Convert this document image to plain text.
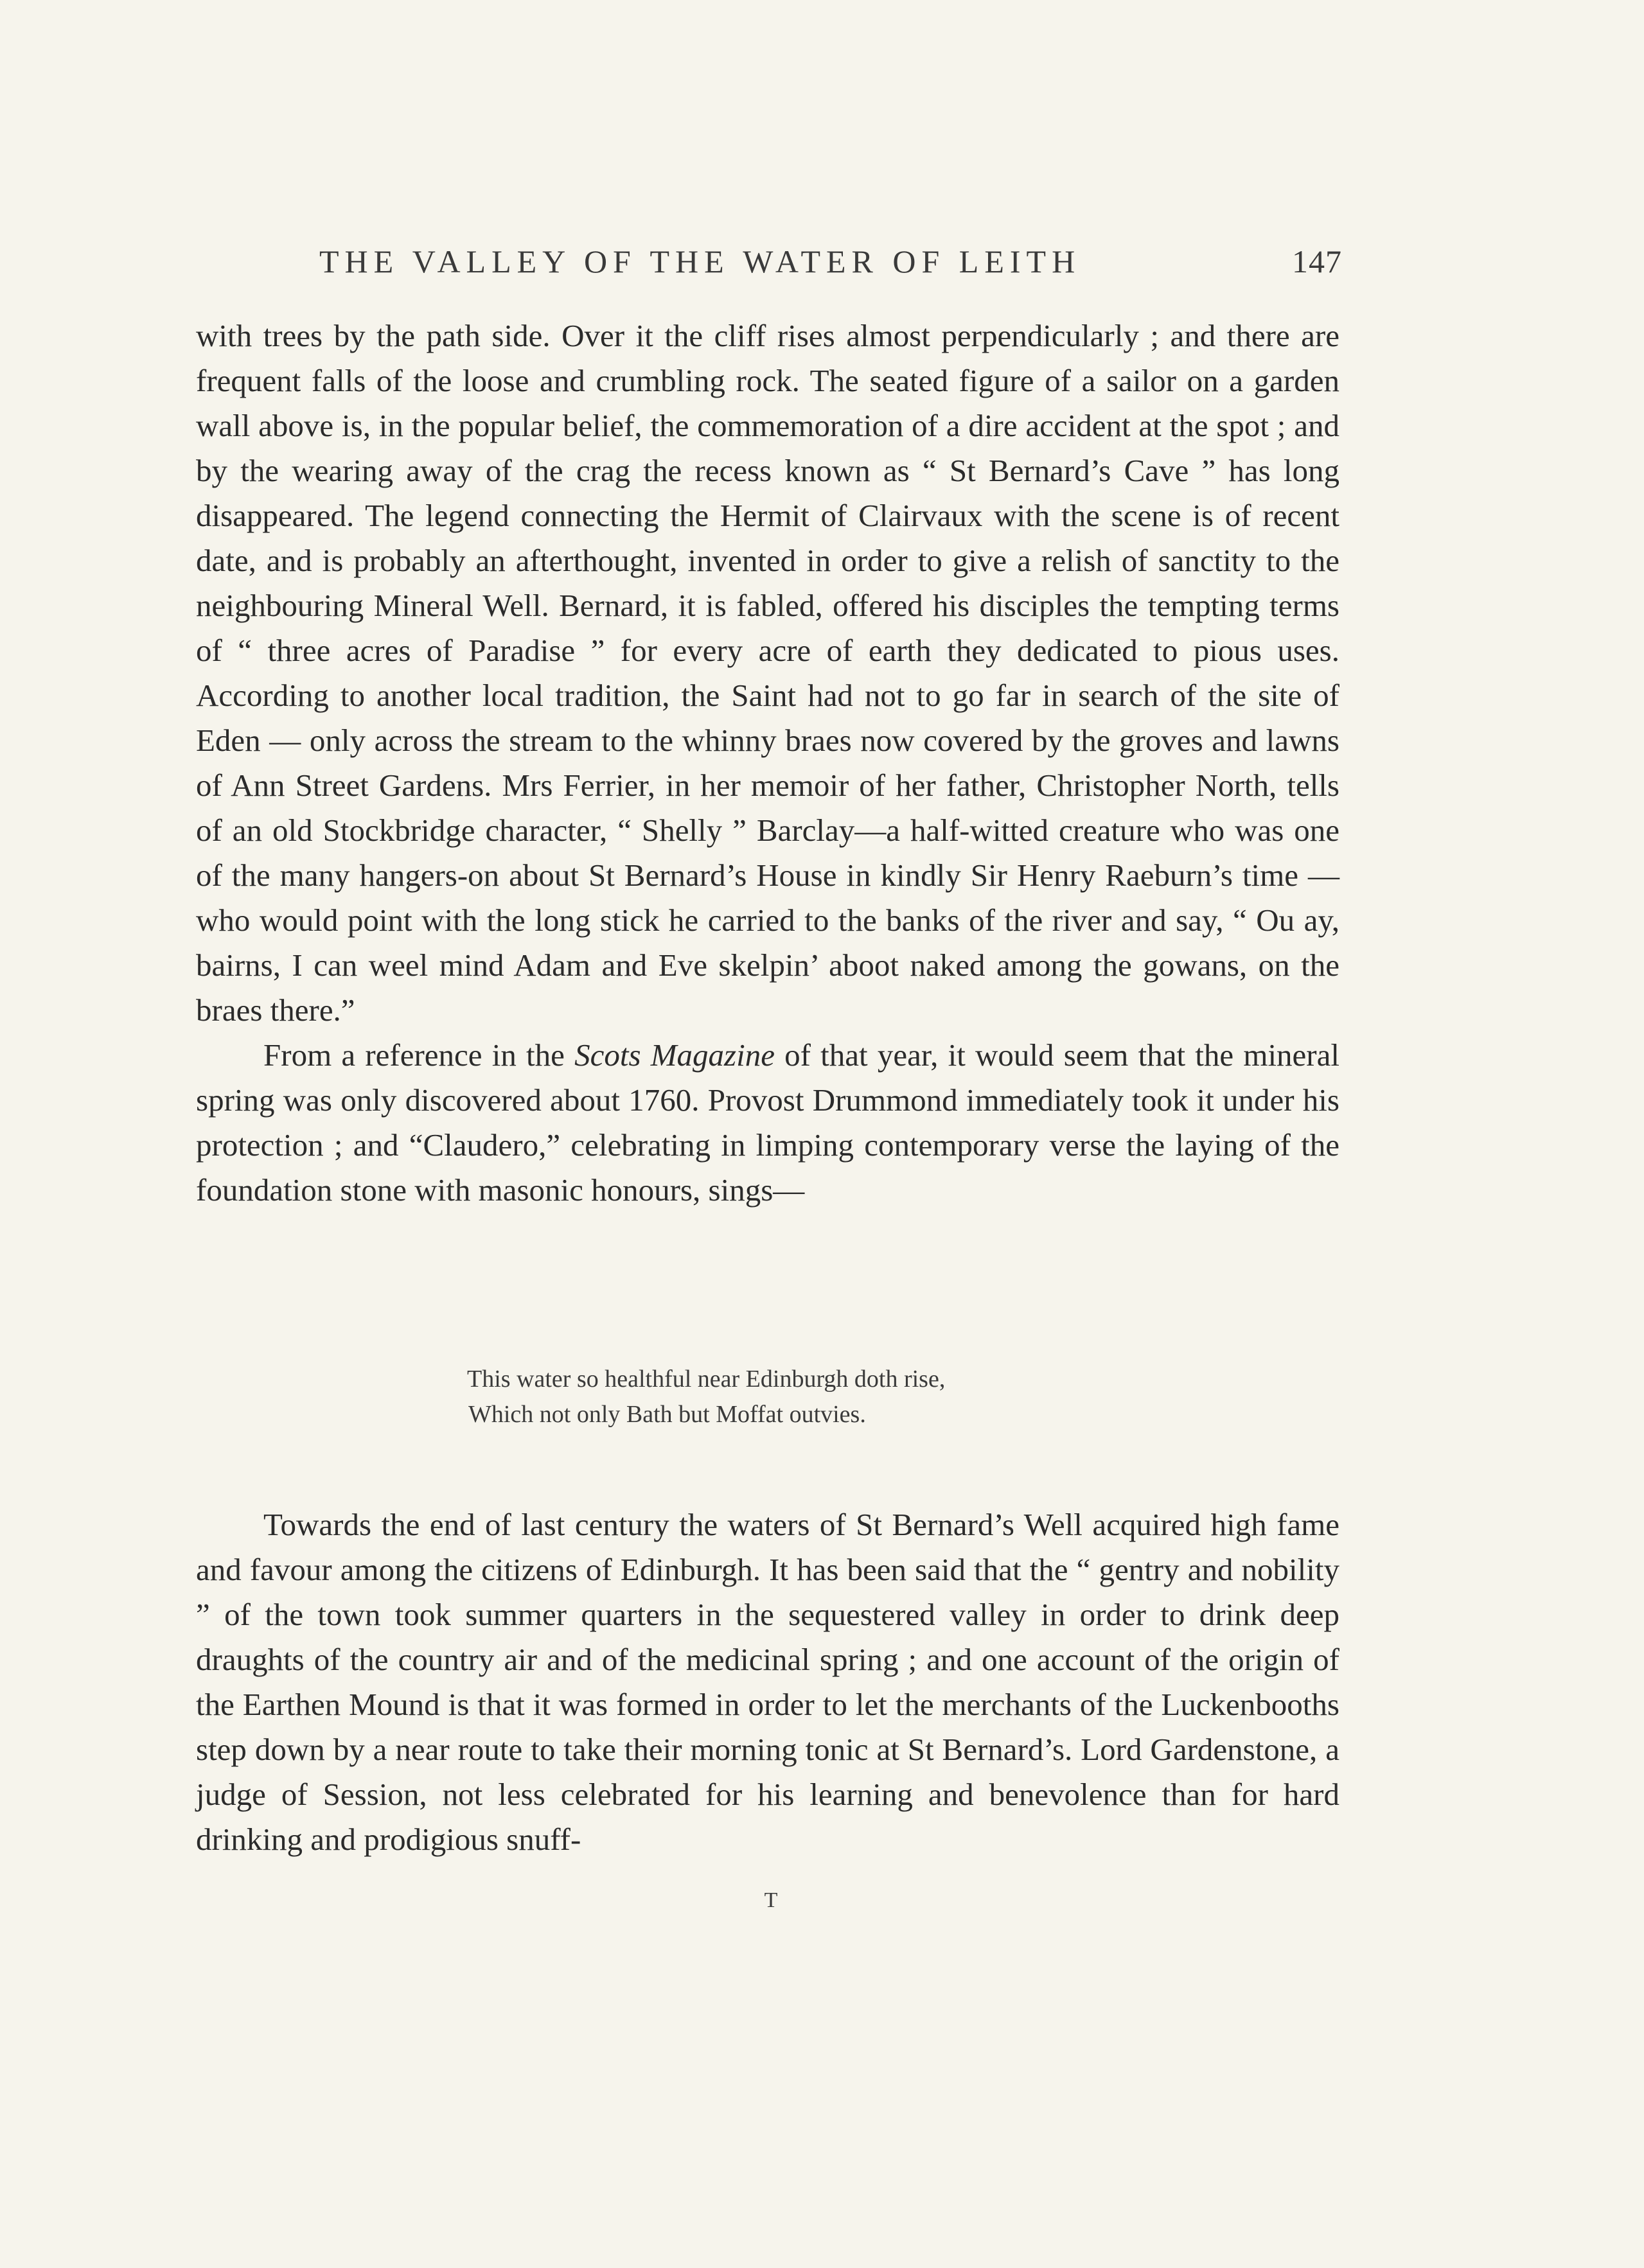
THE VALLEY OF THE WATER OF LEITH	147

with trees by the path side. Over it the cliff rises almost perpendicularly ; and there are frequent falls of the loose and crumbling rock. The seated figure of a sailor on a garden wall above is, in the popular belief, the commemoration of a dire accident at the spot ; and by the wearing away of the crag the recess known as “ St Bernard’s Cave ” has long disappeared. The legend connecting the Hermit of Clairvaux with the scene is of recent date, and is probably an afterthought, invented in order to give a relish of sanctity to the neighbouring Mineral Well. Bernard, it is fabled, offered his disciples the tempting terms of “ three acres of Paradise ” for every acre of earth they dedicated to pious uses. According to another local tradition, the Saint had not to go far in search of the site of Eden — only across the stream to the whinny braes now covered by the groves and lawns of Ann Street Gardens. Mrs Ferrier, in her memoir of her father, Christopher North, tells of an old Stockbridge character, “ Shelly ” Barclay—a half-witted creature who was one of the many hangers-on about St Bernard’s House in kindly Sir Henry Raeburn’s time — who would point with the long stick he carried to the banks of the river and say, “ Ou ay, bairns, I can weel mind Adam and Eve skelpin’ aboot naked among the gowans, on the braes there.”

From a reference in the Scots Magazine of that year, it would seem that the mineral spring was only discovered about 1760. Provost Drummond immediately took it under his protection ; and “Claudero,” celebrating in limping contemporary verse the laying of the foundation stone with masonic honours, sings—

This water so healthful near Edinburgh doth rise,
Which not only Bath but Moffat outvies.

Towards the end of last century the waters of St Bernard’s Well acquired high fame and favour among the citizens of Edinburgh. It has been said that the “ gentry and nobility ” of the town took summer quarters in the sequestered valley in order to drink deep draughts of the country air and of the medicinal spring ; and one account of the origin of the Earthen Mound is that it was formed in order to let the merchants of the Luckenbooths step down by a near route to take their morning tonic at St Bernard’s. Lord Gardenstone, a judge of Session, not less celebrated for his learning and benevolence than for hard drinking and prodigious snuff-

T
